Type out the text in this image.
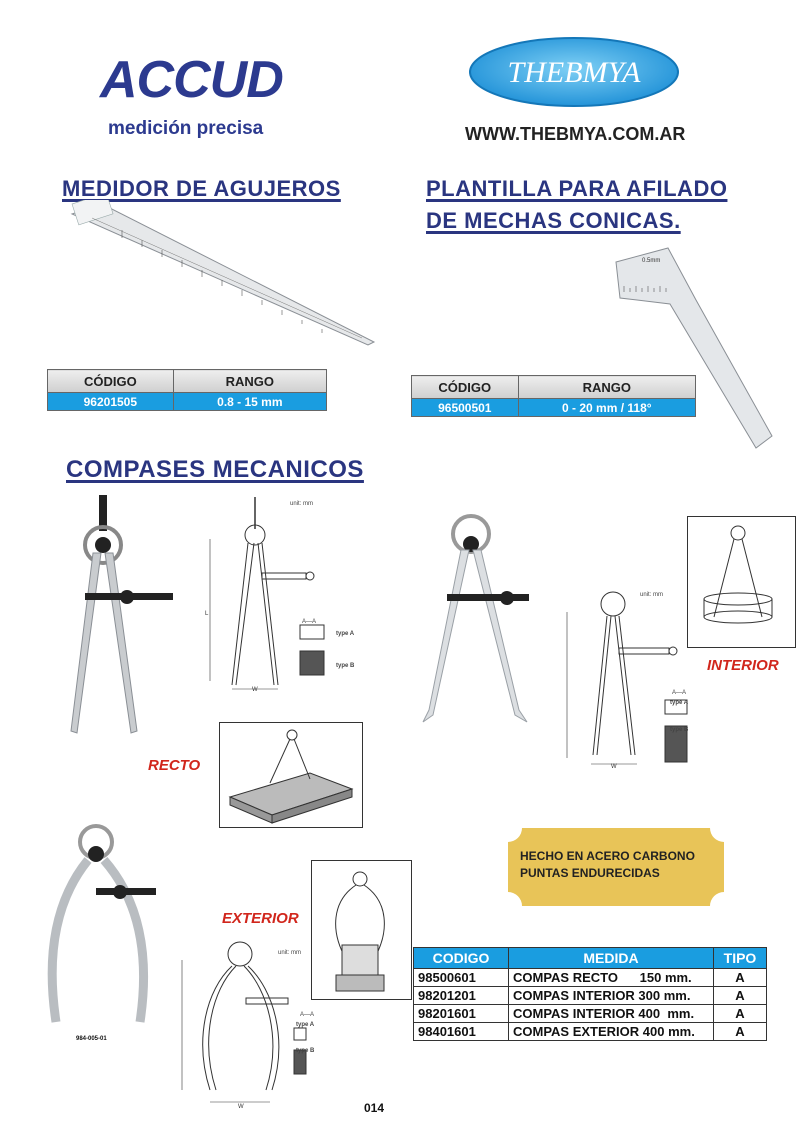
ACCUD
medición precisa
THEBMYA
WWW.THEBMYA.COM.AR
MEDIDOR DE AGUJEROS
CÓDIGO	RANGO
96201505	0.8 - 15 mm
PLANTILLA PARA AFILADO
DE MECHAS CONICAS.
0.5mm
CÓDIGO	RANGO
96500501	0 - 20 mm / 118°
COMPASES MECANICOS
W
L
unit: mm
A—A
type A
type B
RECTO	W
unit: mm
A—A
type A
type B
INTERIOR
984-005-01
W
unit: mm
A—A
type A
type B
EXTERIOR
HECHO EN ACERO CARBONO
PUNTAS ENDURECIDAS
CODIGO	MEDIDA	TIPO
98500601	COMPAS RECTO      150 mm.	A
98201201	COMPAS INTERIOR 300 mm.	A
98201601	COMPAS INTERIOR 400  mm.	A
98401601	COMPAS EXTERIOR 400 mm.	A
014
